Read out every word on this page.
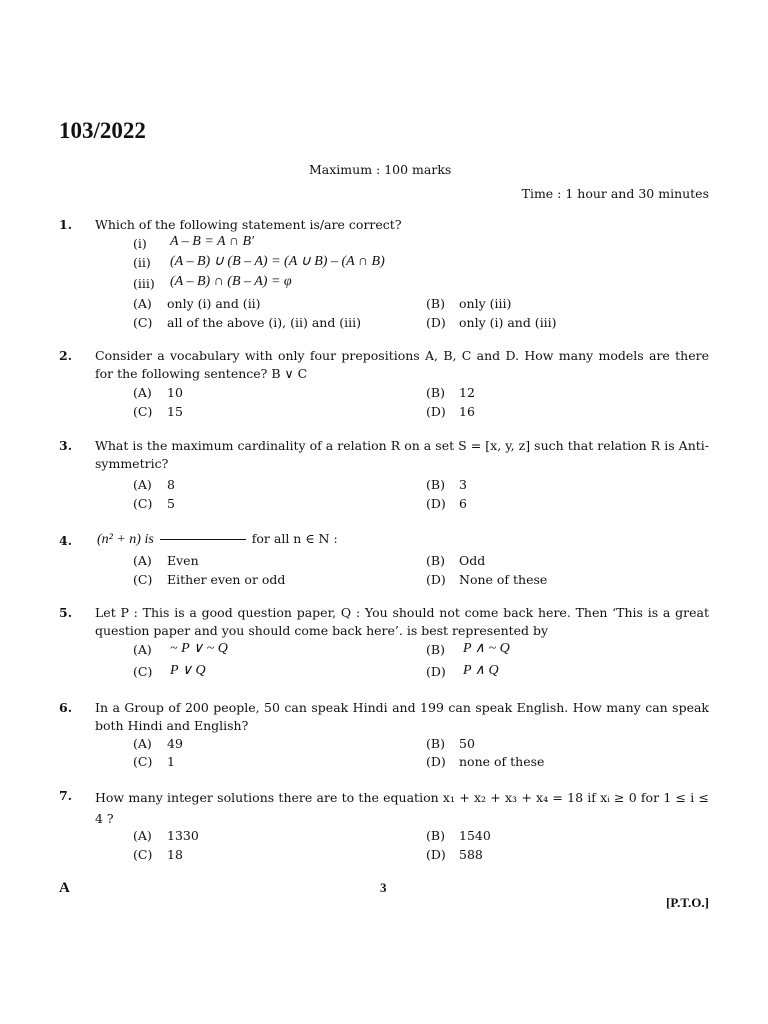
103/2022
Maximum : 100 marks
Time : 1 hour and 30 minutes
1. Which of the following statement is/are correct?
(i) A – B = A ∩ B′
(ii) (A – B) ∪ (B – A) = (A ∪ B) – (A ∩ B)
(iii) (A – B) ∩ (B – A) = φ
(A) only (i) and (ii)	(B) only (iii)
(C) all of the above (i), (ii) and (iii)	(D) only (i) and (iii)
2. Consider a vocabulary with only four prepositions A, B, C and D. How many models are there for the following sentence? B ∨ C
(A) 10	(B) 12
(C) 15	(D) 16
3. What is the maximum cardinality of a relation R on a set S = [x, y, z] such that relation R is Anti-symmetric?
(A) 8	(B) 3
(C) 5	(D) 6
4. (n² + n) is	for all n ∈ N :
(A) Even	(B) Odd
(C) Either even or odd	(D) None of these
5. Let P : This is a good question paper, Q : You should not come back here. Then ‘This is a great question paper and you should come back here’. is best represented by
(A) ~ P ∨ ~ Q	(B) P ∧ ~ Q
(C) P ∨ Q	(D) P ∧ Q
6. In a Group of 200 people, 50 can speak Hindi and 199 can speak English. How many can speak both Hindi and English?
(A) 49	(B) 50
(C) 1	(D) none of these
7. How many integer solutions there are to the equation x₁ + x₂ + x₃ + x₄ = 18 if xᵢ ≥ 0 for 1 ≤ i ≤ 4 ?
(A) 1330	(B) 1540
(C) 18	(D) 588
A	3
[P.T.O.]
